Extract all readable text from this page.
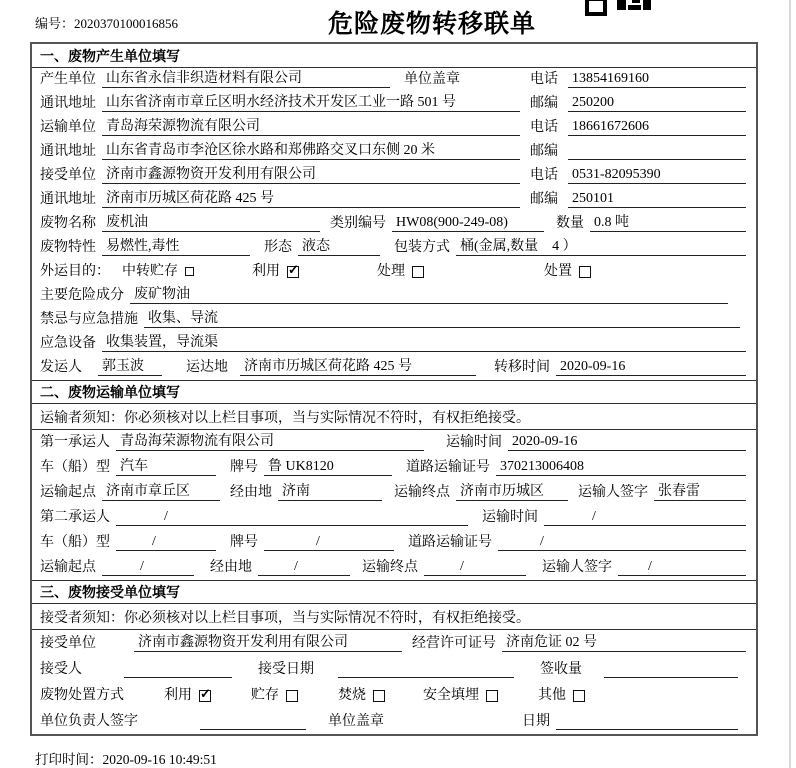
编号：2020370100016856	危险废物转移联单
一、废物产生单位填写
产生单位 山东省永信非织造材料有限公司	单位盖章	电话 13854169160
通讯地址 山东省济南市章丘区明水经济技术开发区工业一路 501 号	邮编 250200
运输单位 青岛海荣源物流有限公司	电话 18661672606
通讯地址 山东省青岛市李沧区徐水路和郑佛路交叉口东侧 20 米	邮编
接受单位 济南市鑫源物资开发利用有限公司	电话 0531-82095390
通讯地址 济南市历城区荷花路 425 号	邮编 250101
废物名称 废机油	类别编号 HW08(900-249-08)	数量 0.8 吨
废物特性 易燃性,毒性	形态 液态	包装方式 桶(金属,数量　4 ）
外运目的： 中转贮存	利用 ✓	处理	处置
主要危险成分 废矿物油
禁忌与应急措施 收集、导流
应急设备 收集装置，导流渠
发运人 郭玉波	运达地 济南市历城区荷花路 425 号	转移时间 2020-09-16
二、废物运输单位填写
运输者须知：你必须核对以上栏目事项，当与实际情况不符时，有权拒绝接受。
第一承运人 青岛海荣源物流有限公司	运输时间 2020-09-16
车（船）型 汽车	牌号 鲁 UK8120	道路运输证号 370213006408
运输起点 济南市章丘区	经由地 济南	运输终点 济南市历城区	运输人签字 张春雷
第二承运人	/	运输时间	/
车（船）型	/	牌号	/	道路运输证号	/
运输起点	/	经由地	/	运输终点	/	运输人签字	/
三、废物接受单位填写
接受者须知：你必须核对以上栏目事项，当与实际情况不符时，有权拒绝接受。
接受单位	济南市鑫源物资开发利用有限公司	经营许可证号 济南危证 02 号
接受人	接受日期	签收量
废物处置方式	利用 ✓	贮存	焚烧	安全填埋	其他
单位负责人签字	单位盖章	日期
打印时间：2020-09-16 10:49:51
